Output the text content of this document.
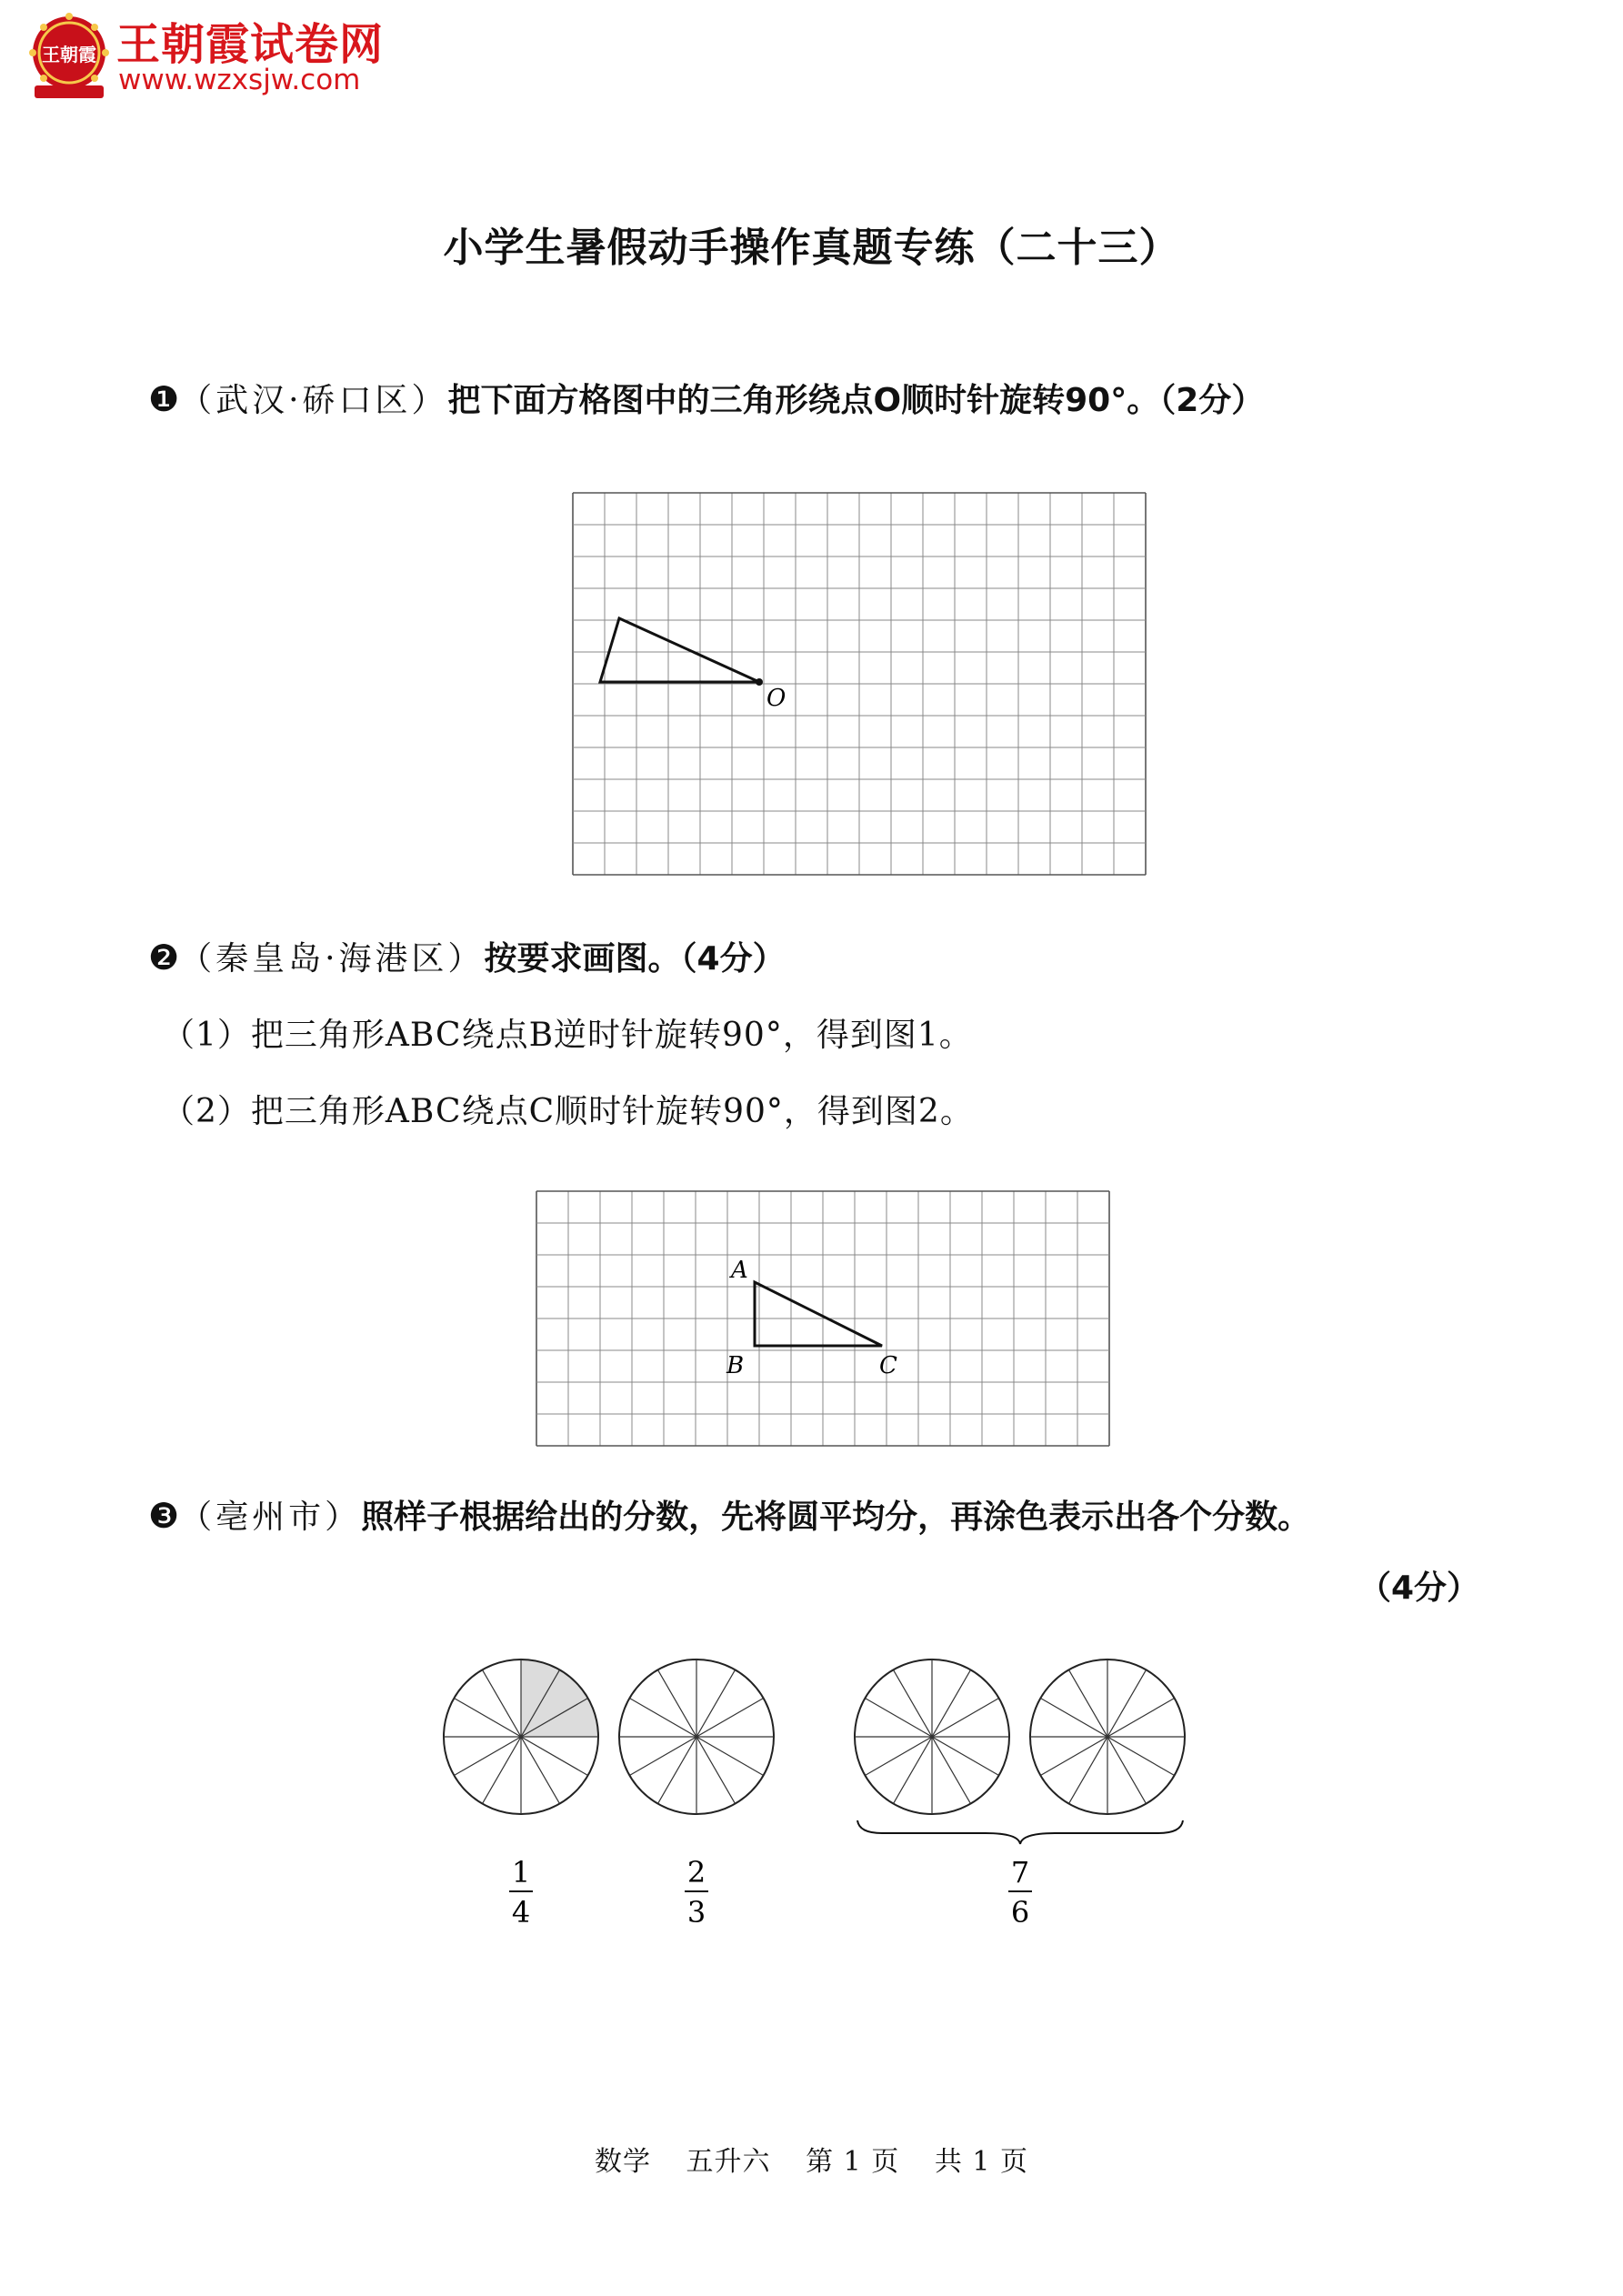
王朝霞 王朝霞试卷网
www.wzxsjw.com
小学生暑假动手操作真题专练（二十三）
❶（武汉·硚口区）把下面方格图中的三角形绕点O顺时针旋转90°。（2分）
O
❷（秦皇岛·海港区）按要求画图。（4分）
（1）把三角形ABC绕点B逆时针旋转90°，得到图1。
（2）把三角形ABC绕点C顺时针旋转90°，得到图2。
A
B	C
❸（亳州市）照样子根据给出的分数，先将圆平均分，再涂色表示出各个分数。
（4分）
1
4
2
3
7
6
数学 五升六 第 1 页 共 1 页
